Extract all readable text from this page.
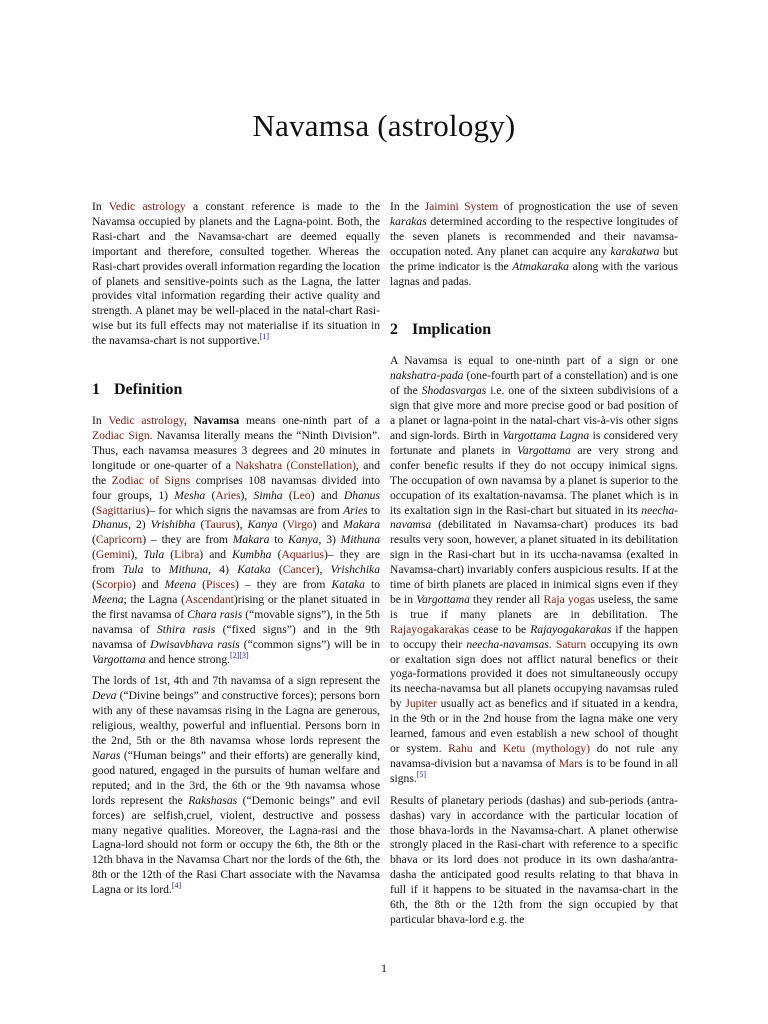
Navamsa (astrology)

In Vedic astrology a constant reference is made to the Navamsa occupied by planets and the Lagna-point. Both, the Rasi-chart and the Navamsa-chart are deemed equally important and therefore, consulted together. Whereas the Rasi-chart provides overall information regarding the location of planets and sensitive-points such as the Lagna, the latter provides vital information regarding their active quality and strength. A planet may be well-placed in the natal-chart Rasi-wise but its full effects may not materialise if its situation in the navamsa-chart is not supportive.[1]

1 Definition

In Vedic astrology, Navamsa means one-ninth part of a Zodiac Sign. Navamsa literally means the “Ninth Division”. Thus, each navamsa measures 3 degrees and 20 minutes in longitude or one-quarter of a Nakshatra (Constellation), and the Zodiac of Signs comprises 108 navamsas divided into four groups, 1) Mesha (Aries), Simha (Leo) and Dhanus (Sagittarius)– for which signs the navamsas are from Aries to Dhanus, 2) Vrishibha (Taurus), Kanya (Virgo) and Makara (Capricorn) – they are from Makara to Kanya, 3) Mithuna (Gemini), Tula (Libra) and Kumbha (Aquarius)– they are from Tula to Mithuna, 4) Kataka (Cancer), Vrishchika (Scorpio) and Meena (Pisces) – they are from Kataka to Meena; the Lagna (Ascendant)rising or the planet situated in the first navamsa of Chara rasis (“movable signs”), in the 5th navamsa of Sthira rasis (“fixed signs”) and in the 9th navamsa of Dwisavbhava rasis (“common signs”) will be in Vargottama and hence strong.[2][3]

The lords of 1st, 4th and 7th navamsa of a sign represent the Deva (“Divine beings” and constructive forces); persons born with any of these navamsas rising in the Lagna are generous, religious, wealthy, powerful and influential. Persons born in the 2nd, 5th or the 8th navamsa whose lords represent the Naras (“Human beings” and their efforts) are generally kind, good natured, engaged in the pursuits of human welfare and reputed; and in the 3rd, the 6th or the 9th navamsa whose lords represent the Rakshasas (“Demonic beings” and evil forces) are selfish,cruel, violent, destructive and possess many negative qualities. Moreover, the Lagna-rasi and the Lagna-lord should not form or occupy the 6th, the 8th or the 12th bhava in the Navamsa Chart nor the lords of the 6th, the 8th or the 12th of the Rasi Chart associate with the Navamsa Lagna or its lord.[4]

In the Jaimini System of prognostication the use of seven karakas determined according to the respective longitudes of the seven planets is recommended and their navamsa-occupation noted. Any planet can acquire any karakatwa but the prime indicator is the Atmakaraka along with the various lagnas and padas.

2 Implication

A Navamsa is equal to one-ninth part of a sign or one nakshatra-pada (one-fourth part of a constellation) and is one of the Shodasvargas i.e. one of the sixteen subdivisions of a sign that give more and more precise good or bad position of a planet or lagna-point in the natal-chart vis-à-vis other signs and sign-lords. Birth in Vargottama Lagna is considered very fortunate and planets in Vargottama are very strong and confer benefic results if they do not occupy inimical signs. The occupation of own navamsa by a planet is superior to the occupation of its exaltation-navamsa. The planet which is in its exaltation sign in the Rasi-chart but situated in its neecha-navamsa (debilitated in Navamsa-chart) produces its bad results very soon, however, a planet situated in its debilitation sign in the Rasi-chart but in its uccha-navamsa (exalted in Navamsa-chart) invariably confers auspicious results. If at the time of birth planets are placed in inimical signs even if they be in Vargottama they render all Raja yogas useless, the same is true if many planets are in debilitation. The Rajayogakarakas cease to be Rajayogakarakas if the happen to occupy their neecha-navamsas. Saturn occupying its own or exaltation sign does not afflict natural benefics or their yoga-formations provided it does not simultaneously occupy its neecha-navamsa but all planets occupying navamsas ruled by Jupiter usually act as benefics and if situated in a kendra, in the 9th or in the 2nd house from the lagna make one very learned, famous and even establish a new school of thought or system. Rahu and Ketu (mythology) do not rule any navamsa-division but a navamsa of Mars is to be found in all signs.[5]

Results of planetary periods (dashas) and sub-periods (antra-dashas) vary in accordance with the particular location of those bhava-lords in the Navamsa-chart. A planet otherwise strongly placed in the Rasi-chart with reference to a specific bhava or its lord does not produce in its own dasha/antra-dasha the anticipated good results relating to that bhava in full if it happens to be situated in the navamsa-chart in the 6th, the 8th or the 12th from the sign occupied by that particular bhava-lord e.g. the

1
